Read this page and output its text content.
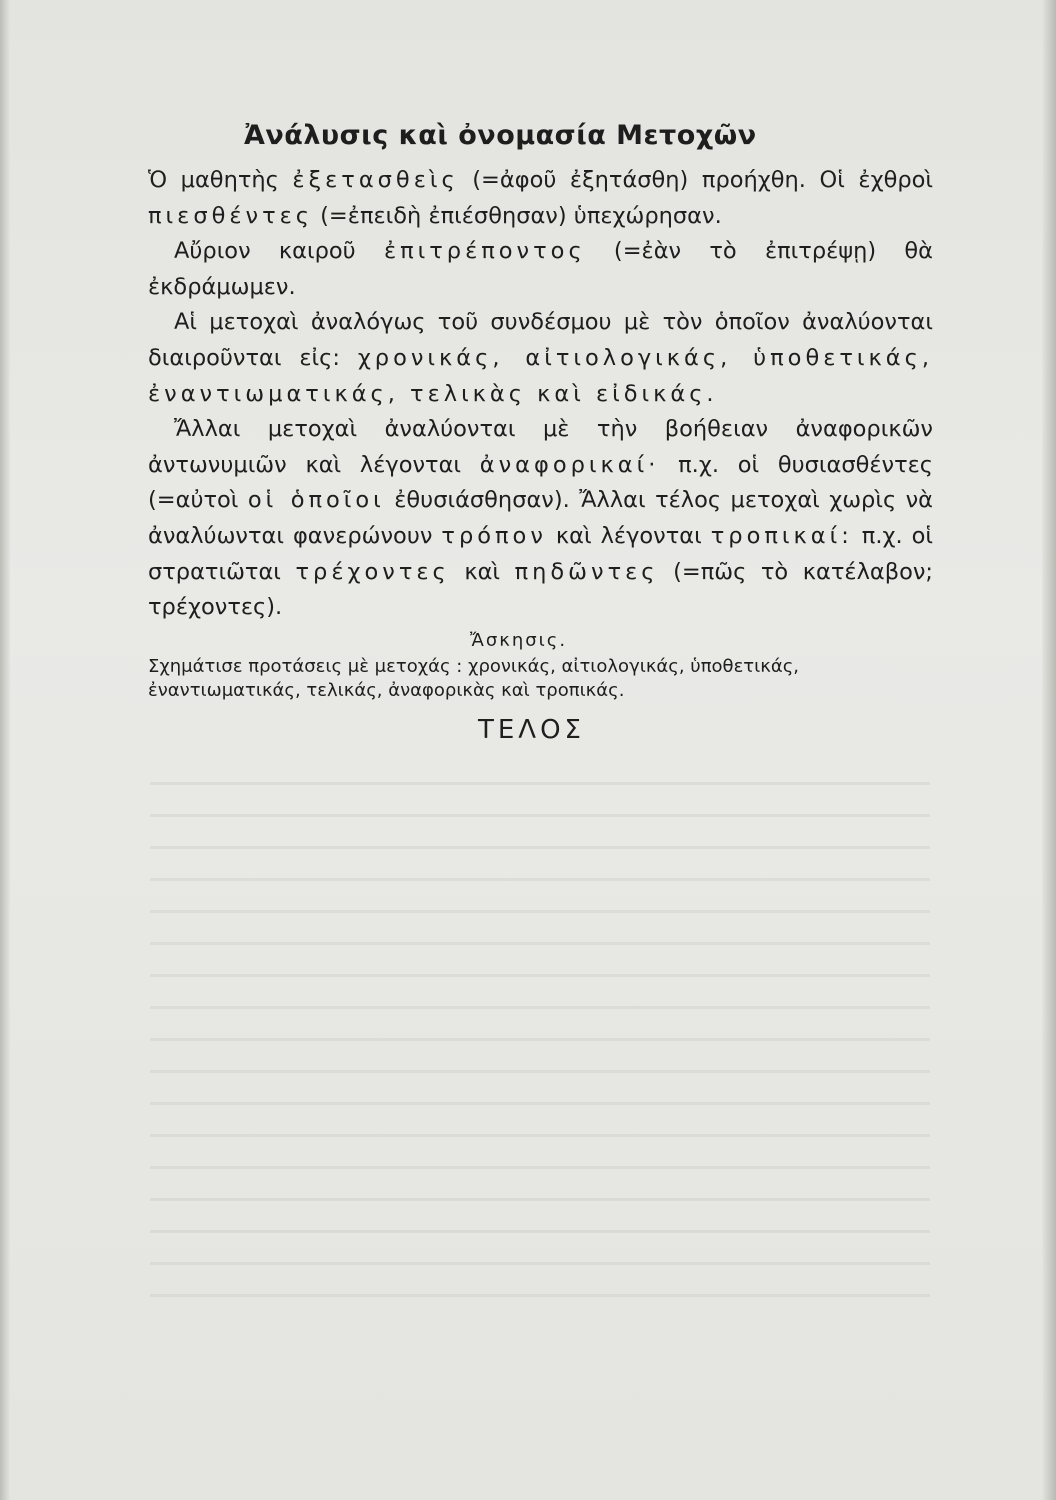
Ἀνάλυσις καὶ ὀνομασία Μετοχῶν

Ὁ μαθητὴς ἐξετασθεὶς (=ἀφοῦ ἐξητάσθη) προήχθη. Οἱ ἐχθροὶ πιεσθέντες (=ἐπειδὴ ἐπιέσθησαν) ὑπεχώρησαν.

Αὔριον καιροῦ ἐπιτρέποντος (=ἐὰν τὸ ἐπιτρέψῃ) θὰ ἐκδράμωμεν.

Αἱ μετοχαὶ ἀναλόγως τοῦ συνδέσμου μὲ τὸν ὁποῖον ἀναλύονται διαιροῦνται εἰς: χρονικάς, αἰτιολογικάς, ὑποθετικάς, ἐναντιωματικάς, τελικὰς καὶ εἰδικάς.

Ἄλλαι μετοχαὶ ἀναλύονται μὲ τὴν βοήθειαν ἀναφορικῶν ἀντωνυμιῶν καὶ λέγονται ἀναφορικαί· π.χ. οἱ θυσιασθέντες (=αὐτοὶ οἱ ὁποῖοι ἐθυσιάσθησαν). Ἄλλαι τέλος μετοχαὶ χωρὶς νὰ ἀναλύωνται φανερώνουν τρόπον καὶ λέγονται τροπικαί: π.χ. οἱ στρατιῶται τρέχοντες καὶ πηδῶντες (=πῶς τὸ κατέλαβον; τρέχοντες).

Ἄσκησις.

Σχημάτισε προτάσεις μὲ μετοχάς : χρονικάς, αἰτιολογικάς, ὑποθετικάς, ἐναντιωματικάς, τελικάς, ἀναφορικὰς καὶ τροπικάς.

ΤΕΛΟΣ
